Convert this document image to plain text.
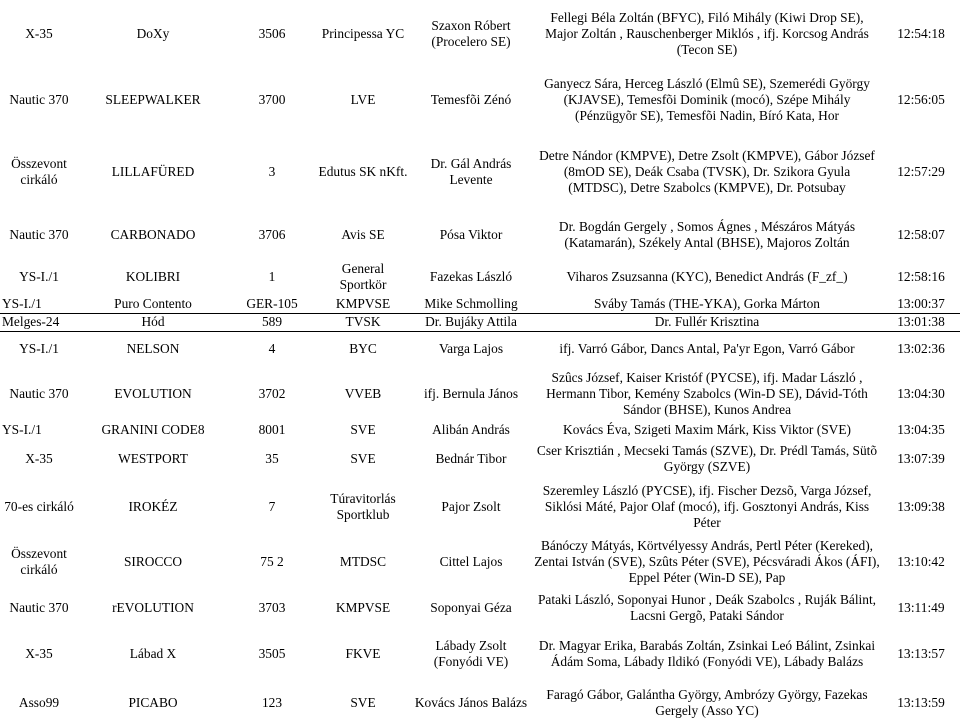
X-35	DoXy	3506	Principessa YC	Szaxon Róbert (Procelero SE)	Fellegi Béla Zoltán (BFYC), Filó Mihály (Kiwi Drop SE), Major Zoltán , Rauschenberger Miklós , ifj. Korcsog András (Tecon SE)	12:54:18
Nautic 370	SLEEPWALKER	3700	LVE	Temesfõi Zénó	Ganyecz Sára, Herceg László (Elmû SE), Szemerédi György (KJAVSE), Temesfõi Dominik (mocó), Szépe Mihály (Pénzügyõr SE), Temesfõi Nadin, Bíró Kata, Hor	12:56:05
Összevont cirkáló	LILLAFÜRED	3	Edutus SK nKft.	Dr. Gál András Levente	Detre Nándor (KMPVE), Detre Zsolt (KMPVE), Gábor József (8mOD SE), Deák Csaba (TVSK), Dr. Szikora Gyula (MTDSC), Detre Szabolcs (KMPVE), Dr. Potsubay	12:57:29
Nautic 370	CARBONADO	3706	Avis SE	Pósa Viktor	Dr. Bogdán Gergely , Somos Ágnes , Mészáros Mátyás (Katamarán), Székely Antal (BHSE), Majoros Zoltán	12:58:07
YS-I./1	KOLIBRI	1	General Sportkör	Fazekas László	Viharos Zsuzsanna (KYC), Benedict András (F_zf_)	12:58:16
YS-I./1	Puro Contento	GER-105	KMPVSE	Mike Schmolling	Sváby Tamás (THE-YKA), Gorka Márton	13:00:37
Melges-24	Hód	589	TVSK	Dr. Bujáky Attila	Dr. Fullér Krisztina	13:01:38
YS-I./1	NELSON	4	BYC	Varga Lajos	ifj. Varró Gábor, Dancs Antal, Pa'yr Egon, Varró Gábor	13:02:36
Nautic 370	EVOLUTION	3702	VVEB	ifj. Bernula János	Szûcs József, Kaiser Kristóf (PYCSE), ifj. Madar László , Hermann Tibor, Kemény Szabolcs (Win-D SE), Dávid-Tóth Sándor (BHSE), Kunos Andrea	13:04:30
YS-I./1	GRANINI CODE8	8001	SVE	Alibán András	Kovács Éva, Szigeti Maxim Márk, Kiss Viktor (SVE)	13:04:35
X-35	WESTPORT	35	SVE	Bednár Tibor	Cser Krisztián , Mecseki Tamás (SZVE), Dr. Prédl Tamás, Sütõ György (SZVE)	13:07:39
70-es cirkáló	IROKÉZ	7	Túravitorlás Sportklub	Pajor Zsolt	Szeremley László (PYCSE), ifj. Fischer Dezsõ, Varga József, Siklósi Máté, Pajor Olaf (mocó), ifj. Gosztonyi András, Kiss Péter	13:09:38
Összevont cirkáló	SIROCCO	75 2	MTDSC	Cittel Lajos	Bánóczy Mátyás, Körtvélyessy András, Pertl Péter (Kereked), Zentai István (SVE), Szûts Péter (SVE), Pécsváradi Ákos (ÁFI), Eppel Péter (Win-D SE), Pap	13:10:42
Nautic 370	rEVOLUTION	3703	KMPVSE	Soponyai Géza	Pataki László, Soponyai Hunor , Deák Szabolcs , Ruják Bálint, Lacsni Gergõ, Pataki Sándor	13:11:49
X-35	Lábad X	3505	FKVE	Lábady Zsolt (Fonyódi VE)	Dr. Magyar Erika, Barabás Zoltán, Zsinkai Leó Bálint, Zsinkai Ádám Soma, Lábady Ildikó (Fonyódi VE), Lábady Balázs	13:13:57
Asso99	PICABO	123	SVE	Kovács János Balázs	Faragó Gábor, Galántha György, Ambrózy György, Fazekas Gergely (Asso YC)	13:13:59
